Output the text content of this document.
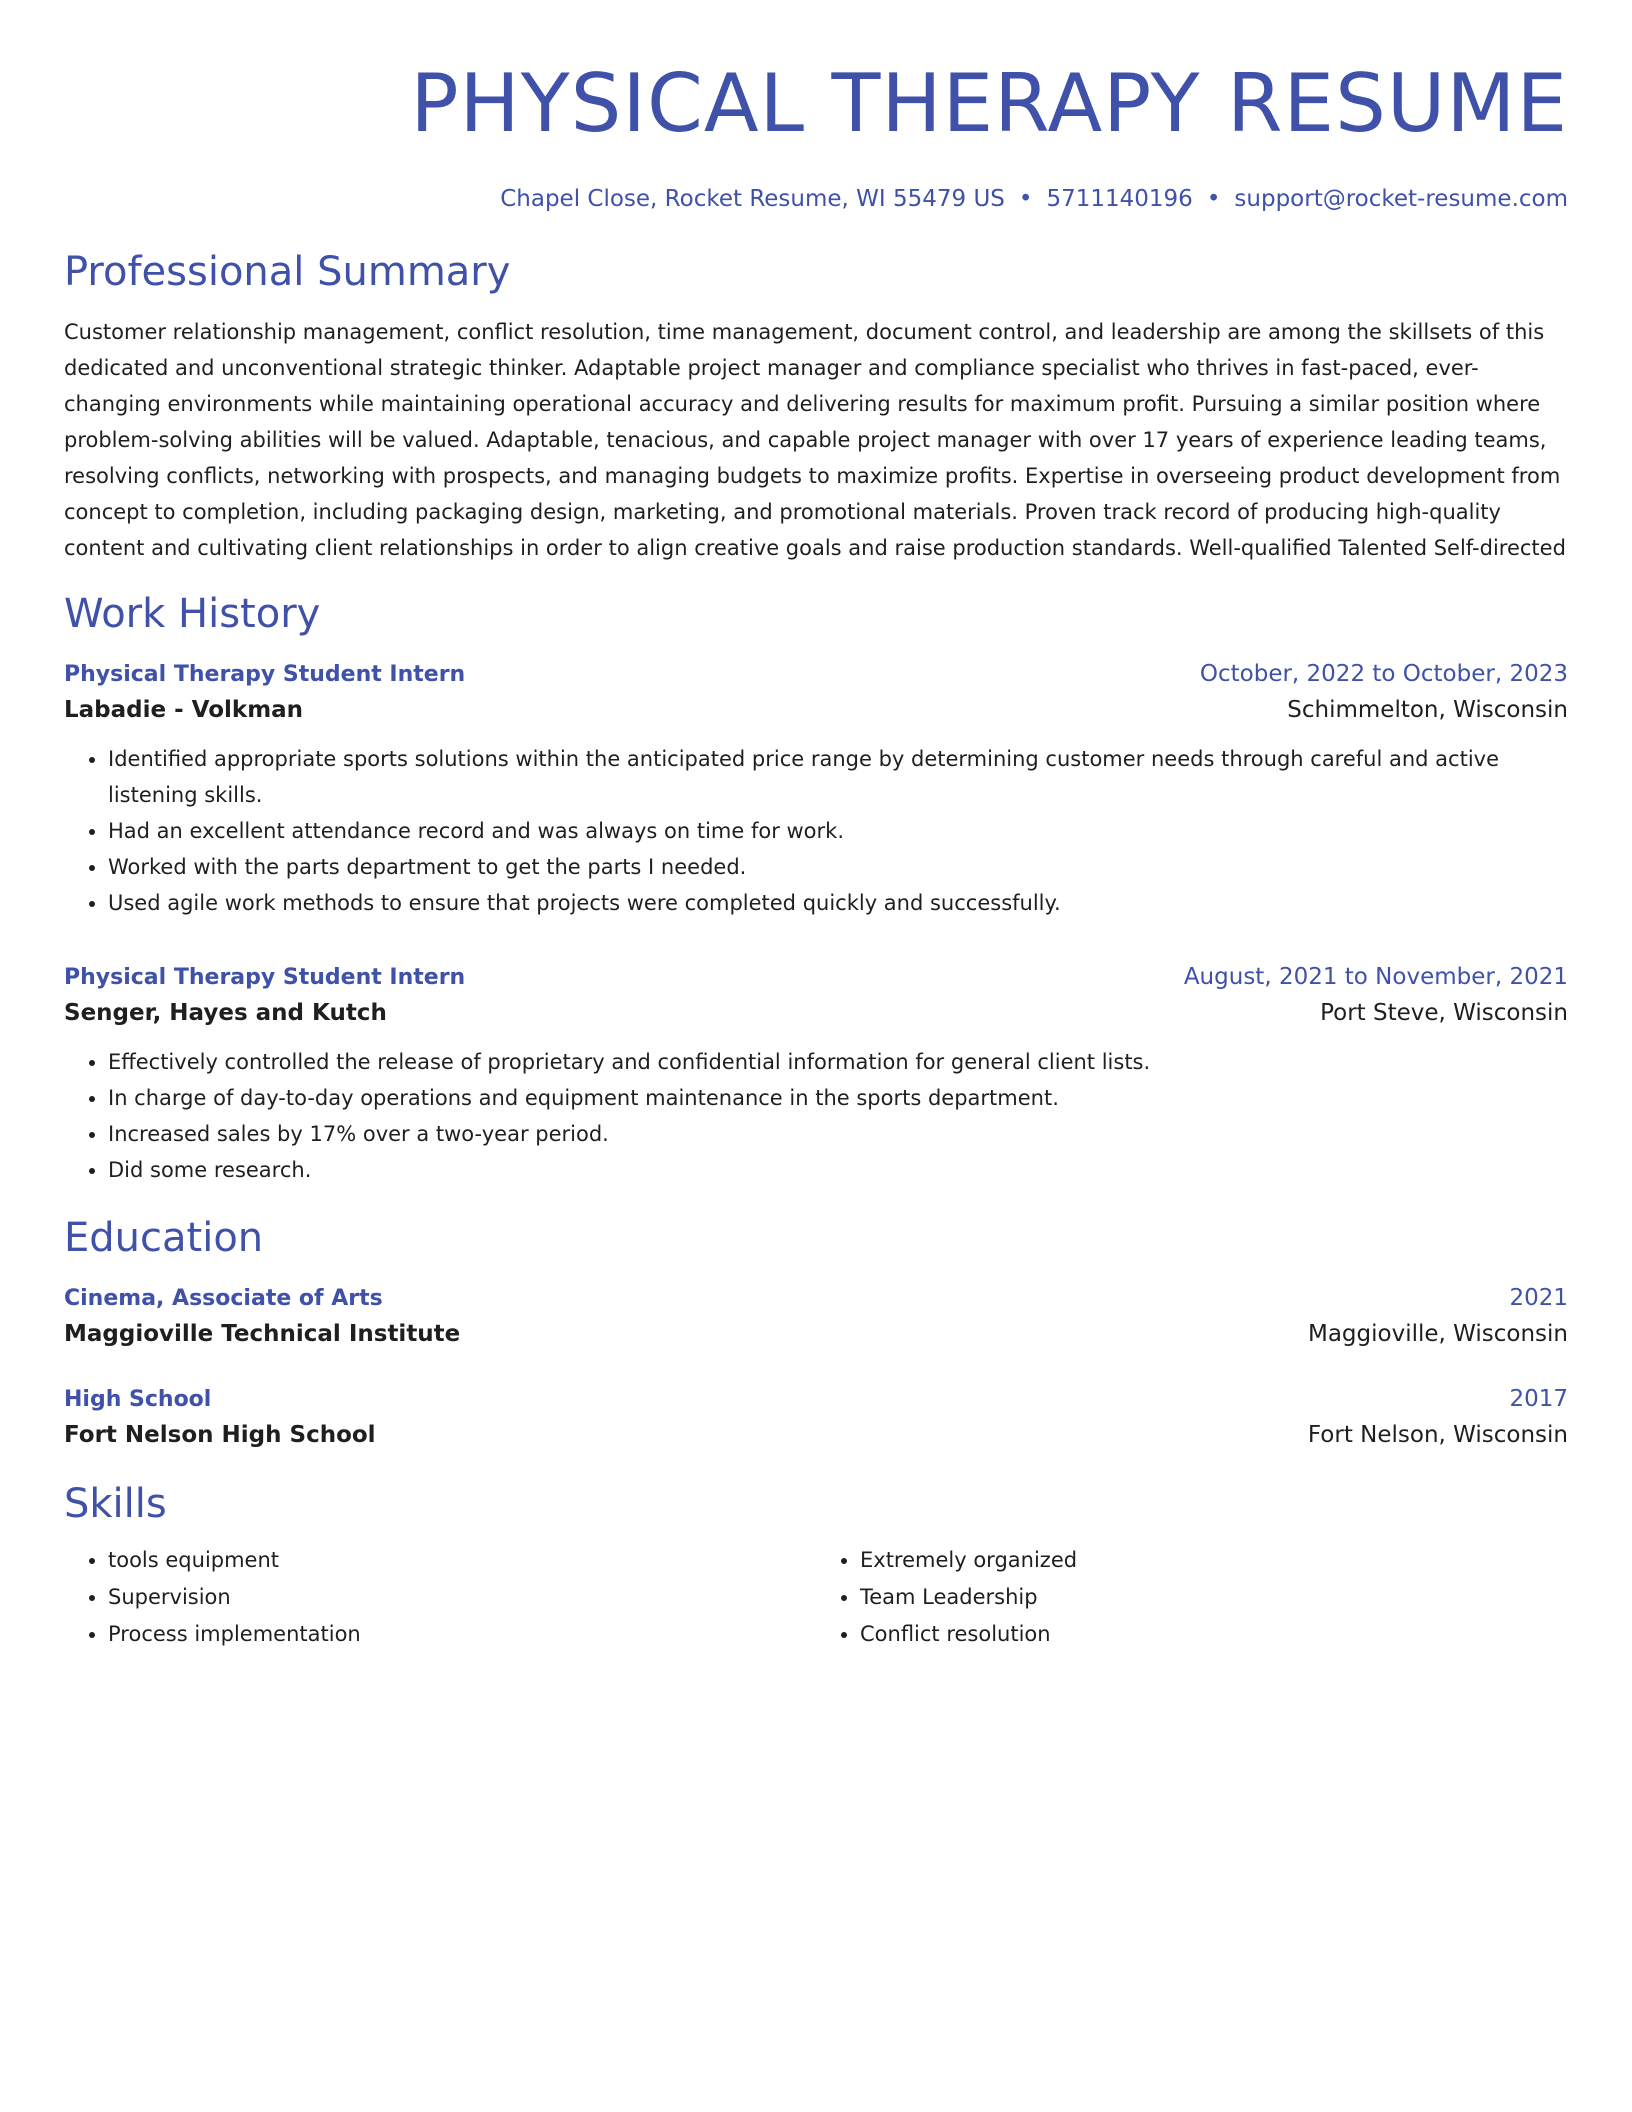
PHYSICAL THERAPY RESUME
Chapel Close, Rocket Resume, WI 55479 US • 5711140196 • support@rocket-resume.com
Professional Summary

Customer relationship management, conflict resolution, time management, document control, and leadership are among the skillsets of this dedicated and unconventional strategic thinker. Adaptable project manager and compliance specialist who thrives in fast-paced, ever-changing environments while maintaining operational accuracy and delivering results for maximum profit. Pursuing a similar position where problem-solving abilities will be valued. Adaptable, tenacious, and capable project manager with over 17 years of experience leading teams, resolving conflicts, networking with prospects, and managing budgets to maximize profits. Expertise in overseeing product development from concept to completion, including packaging design, marketing, and promotional materials. Proven track record of producing high-quality content and cultivating client relationships in order to align creative goals and raise production standards. Well-qualified Talented Self-directed

Work History
Physical Therapy Student Intern	October, 2022 to October, 2023
Labadie - Volkman	Schimmelton, Wisconsin
• Identified appropriate sports solutions within the anticipated price range by determining customer needs through careful and active listening skills.
• Had an excellent attendance record and was always on time for work.
• Worked with the parts department to get the parts I needed.
• Used agile work methods to ensure that projects were completed quickly and successfully.
Physical Therapy Student Intern	August, 2021 to November, 2021
Senger, Hayes and Kutch	Port Steve, Wisconsin
• Effectively controlled the release of proprietary and confidential information for general client lists.
• In charge of day-to-day operations and equipment maintenance in the sports department.
• Increased sales by 17% over a two-year period.
• Did some research.
Education
Cinema, Associate of Arts	2021
Maggioville Technical Institute	Maggioville, Wisconsin
High School	2017
Fort Nelson High School	Fort Nelson, Wisconsin
Skills
• tools equipment
• Supervision
• Process implementation
• Extremely organized
• Team Leadership
• Conflict resolution
